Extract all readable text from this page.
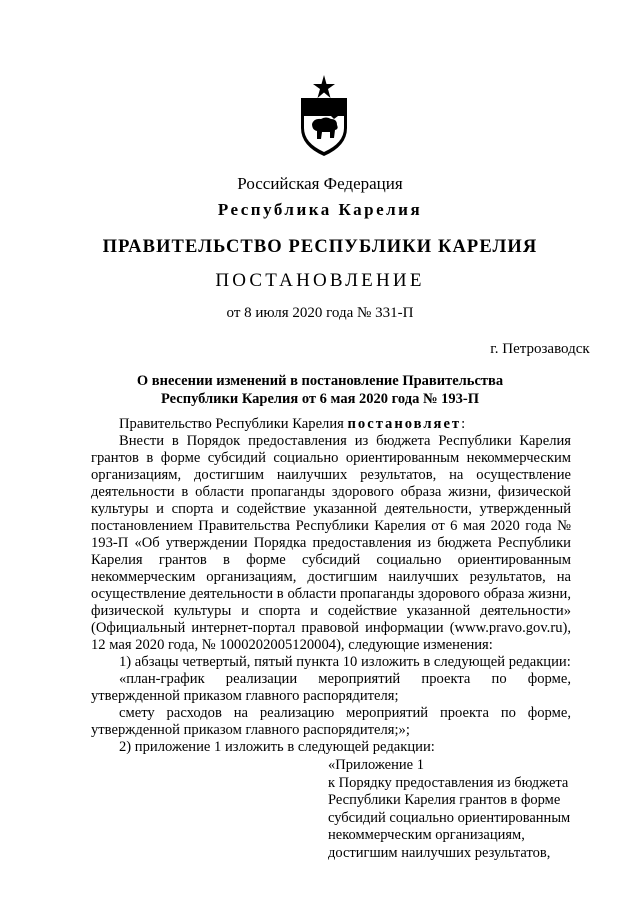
Российская Федерация
Республика Карелия
ПРАВИТЕЛЬСТВО РЕСПУБЛИКИ КАРЕЛИЯ
ПОСТАНОВЛЕНИЕ
от 8 июля 2020 года № 331-П
г. Петрозаводск
О внесении изменений в постановление Правительства
Республики Карелия от 6 мая 2020 года № 193-П

Правительство Республики Карелия постановляет:

Внести в Порядок предоставления из бюджета Республики Карелия грантов в форме субсидий социально ориентированным некоммерческим организациям, достигшим наилучших результатов, на осуществление деятельности в области пропаганды здорового образа жизни, физической культуры и спорта и содействие указанной деятельности, утвержденный постановлением Правительства Республики Карелия от 6 мая 2020 года № 193-П «Об утверждении Порядка предоставления из бюджета Республики Карелия грантов в форме субсидий социально ориентированным некоммерческим организациям, достигшим наилучших результатов, на осуществление деятельности в области пропаганды здорового образа жизни, физической культуры и спорта и содействие указанной деятельности» (Официальный интернет-портал правовой информации (www.pravo.gov.ru), 12 мая 2020 года, № 1000202005120004), следующие изменения:

1) абзацы четвертый, пятый пункта 10 изложить в следующей редакции:

«план-график реализации мероприятий проекта по форме, утвержденной приказом главного распорядителя;

смету расходов на реализацию мероприятий проекта по форме, утвержденной приказом главного распорядителя;»;

2) приложение 1 изложить в следующей редакции:

«Приложение 1
к Порядку предоставления из бюджета
Республики Карелия грантов в форме
субсидий социально ориентированным
некоммерческим организациям,
достигшим наилучших результатов,
